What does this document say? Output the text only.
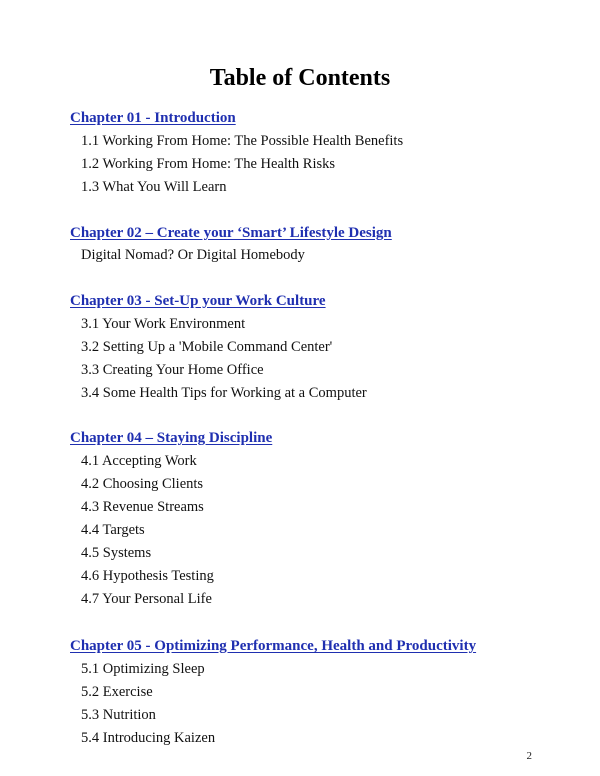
Table of Contents
Chapter 01 - Introduction

1.1 Working From Home: The Possible Health Benefits

1.2 Working From Home: The Health Risks

1.3 What You Will Learn

Chapter 02 – Create your ‘Smart’ Lifestyle Design

Digital Nomad? Or Digital Homebody

Chapter 03 - Set-Up your Work Culture

3.1 Your Work Environment

3.2 Setting Up a 'Mobile Command Center'

3.3 Creating Your Home Office

3.4 Some Health Tips for Working at a Computer

Chapter 04 – Staying Discipline

4.1 Accepting Work

4.2 Choosing Clients

4.3 Revenue Streams

4.4 Targets

4.5 Systems

4.6 Hypothesis Testing

4.7 Your Personal Life

Chapter 05 - Optimizing Performance, Health and Productivity

5.1 Optimizing Sleep

5.2 Exercise

5.3 Nutrition

5.4 Introducing Kaizen

2
